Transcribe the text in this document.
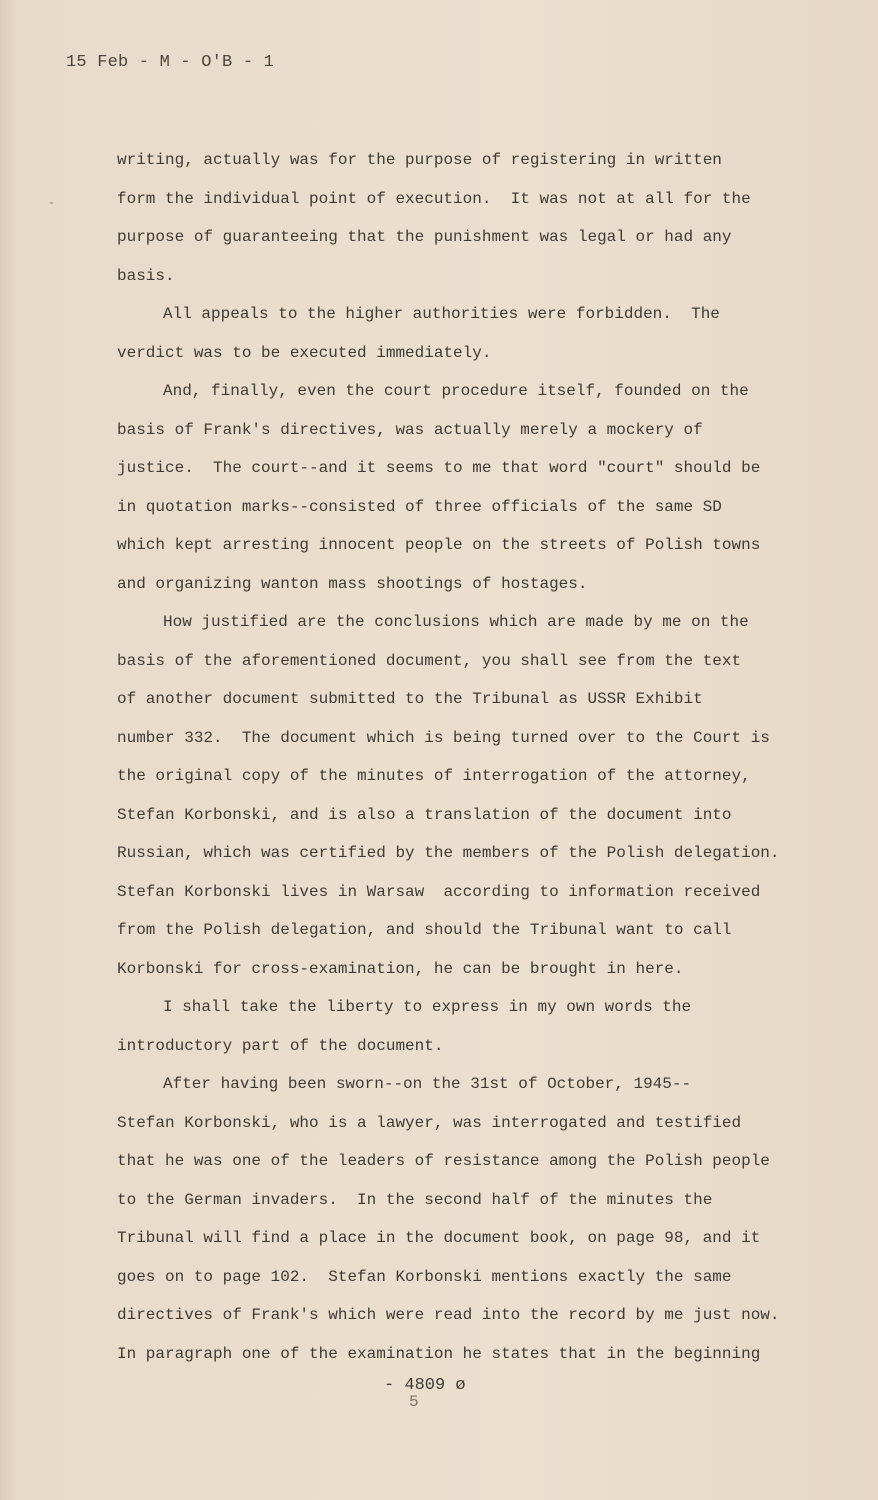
15 Feb - M - O'B - 1
-
writing, actually was for the purpose of registering in written
form the individual point of execution.  It was not at all for the
purpose of guaranteeing that the punishment was legal or had any
basis.
All appeals to the higher authorities were forbidden.  The
verdict was to be executed immediately.
And, finally, even the court procedure itself, founded on the
basis of Frank's directives, was actually merely a mockery of
justice.  The court--and it seems to me that word "court" should be
in quotation marks--consisted of three officials of the same SD
which kept arresting innocent people on the streets of Polish towns
and organizing wanton mass shootings of hostages.
How justified are the conclusions which are made by me on the
basis of the aforementioned document, you shall see from the text
of another document submitted to the Tribunal as USSR Exhibit
number 332.  The document which is being turned over to the Court is
the original copy of the minutes of interrogation of the attorney,
Stefan Korbonski, and is also a translation of the document into
Russian, which was certified by the members of the Polish delegation.
Stefan Korbonski lives in Warsaw  according to information received
from the Polish delegation, and should the Tribunal want to call
Korbonski for cross-examination, he can be brought in here.
I shall take the liberty to express in my own words the
introductory part of the document.
After having been sworn--on the 31st of October, 1945--
Stefan Korbonski, who is a lawyer, was interrogated and testified
that he was one of the leaders of resistance among the Polish people
to the German invaders.  In the second half of the minutes the
Tribunal will find a place in the document book, on page 98, and it
goes on to page 102.  Stefan Korbonski mentions exactly the same
directives of Frank's which were read into the record by me just now.
In paragraph one of the examination he states that in the beginning
- 4809 ø
5
